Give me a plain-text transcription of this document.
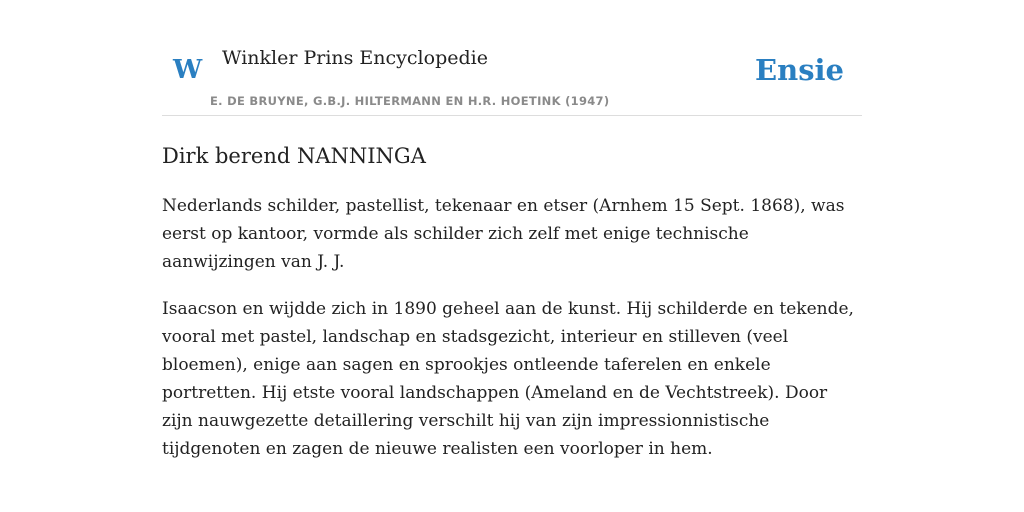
W Winkler Prins Encyclopedie
E. DE BRUYNE, G.B.J. HILTERMANN EN H.R. HOETINK (1947)
Ensie
Dirk berend NANNINGA

Nederlands schilder, pastellist, tekenaar en etser (Arnhem 15 Sept. 1868), was eerst op kantoor, vormde als schilder zich zelf met enige technische aanwijzingen van J. J.

Isaacson en wijdde zich in 1890 geheel aan de kunst. Hij schilderde en tekende, vooral met pastel, landschap en stadsgezicht, interieur en stilleven (veel bloemen), enige aan sagen en sprookjes ontleende taferelen en enkele portretten. Hij etste vooral landschappen (Ameland en de Vechtstreek). Door zijn nauwgezette detaillering verschilt hij van zijn impressionnistische tijdgenoten en zagen de nieuwe realisten een voorloper in hem.
